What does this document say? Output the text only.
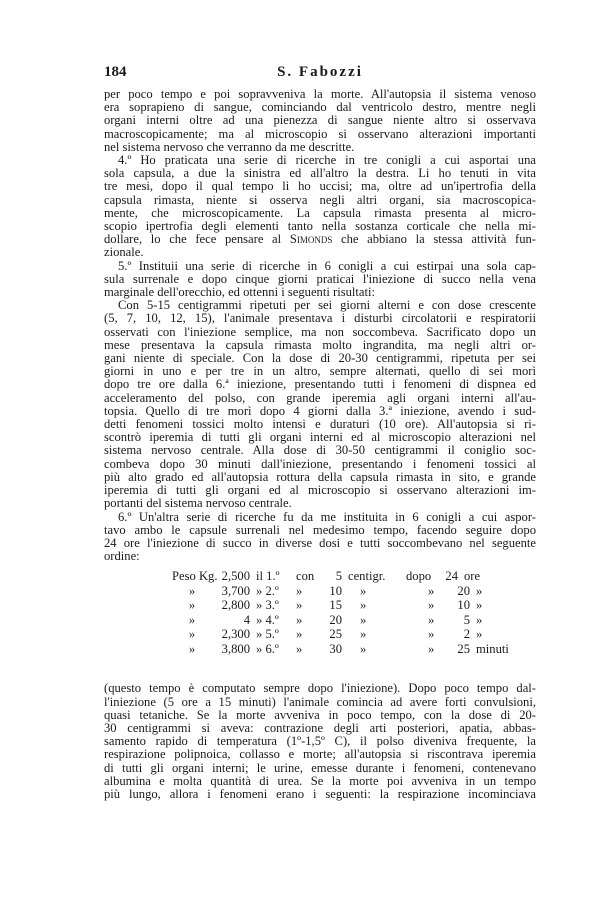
184	S. Fabozzi

per poco tempo e poi sopravveniva la morte. All'autopsia il sistema venoso
era soprapieno di sangue, cominciando dal ventricolo destro, mentre negli
organi interni oltre ad una pienezza di sangue niente altro si osservava
macroscopicamente; ma al microscopio si osservano alterazioni importanti
nel sistema nervoso che verranno da me descritte.

4.º Ho praticata una serie di ricerche in tre conigli a cui asportai una
sola capsula, a due la sinistra ed all'altro la destra. Li ho tenuti in vita
tre mesi, dopo il qual tempo li ho uccisi; ma, oltre ad un'ipertrofia della
capsula rimasta, niente si osserva negli altri organi, sia macroscopica-
mente, che microscopicamente. La capsula rimasta presenta al micro-
scopio ipertrofia degli elementi tanto nella sostanza corticale che nella mi-
dollare, lo che fece pensare al Simonds che abbiano la stessa attività fun-
zionale.

5.º Instituii una serie di ricerche in 6 conigli a cui estirpai una sola cap-
sula surrenale e dopo cinque giorni praticai l'iniezione di succo nella vena
marginale dell'orecchio, ed ottenni i seguenti risultati:

Con 5-15 centigrammi ripetuti per sei giorni alterni e con dose crescente
(5, 7, 10, 12, 15), l'animale presentava i disturbi circolatorii e respiratorii
osservati con l'iniezione semplice, ma non soccombeva. Sacrificato dopo un
mese presentava la capsula rimasta molto ingrandita, ma negli altri or-
gani niente di speciale. Con la dose di 20-30 centigrammi, ripetuta per sei
giorni in uno e per tre in un altro, sempre alternati, quello di sei morì
dopo tre ore dalla 6.ª iniezione, presentando tutti i fenomeni di dispnea ed
acceleramento del polso, con grande iperemia agli organi interni all'au-
topsia. Quello di tre morì dopo 4 giorni dalla 3.ª iniezione, avendo i sud-
detti fenomeni tossici molto intensi e duraturi (10 ore). All'autopsia si ri-
scontrò iperemia di tutti gli organi interni ed al microscopio alterazioni nel
sistema nervoso centrale. Alla dose di 30-50 centigrammi il coniglio soc-
combeva dopo 30 minuti dall'iniezione, presentando i fenomeni tossici al
più alto grado ed all'autopsia rottura della capsula rimasta in sito, e grande
iperemia di tutti gli organi ed al microscopio si osservano alterazioni im-
portanti del sistema nervoso centrale.

6.º Un'altra serie di ricerche fu da me instituita in 6 conigli a cui aspor-
tavo ambo le capsule surrenali nel medesimo tempo, facendo seguire dopo
24 ore l'iniezione di succo in diverse dosi e tutti soccombevano nel seguente
ordine:

Peso Kg. 2,500 il 1.º	con	5 centigr.	dopo	24 ore
»	3,700 » 2.º	»	10	»	»	20 »
»	2,800 » 3.º	»	15	»	»	10 »
»	4 » 4.º	»	20	»	»	5 »
»	2,300 » 5.º	»	25	»	»	2 »
»	3,800 » 6.º	»	30	»	»	25 minuti

(questo tempo è computato sempre dopo l'iniezione). Dopo poco tempo dal-
l'iniezione (5 ore a 15 minuti) l'animale comincia ad avere forti convulsioni,
quasi tetaniche. Se la morte avveniva in poco tempo, con la dose di 20-
30 centigrammi si aveva: contrazione degli arti posteriori, apatia, abbas-
samento rapido di temperatura (1º-1,5º C), il polso diveniva frequente, la
respirazione polipnoica, collasso e morte; all'autopsia si riscontrava iperemia
di tutti gli organi interni; le urine, emesse durante i fenomeni, contenevano
albumina e molta quantità di urea. Se la morte poi avveniva in un tempo
più lungo, allora i fenomeni erano i seguenti: la respirazione incominciava
